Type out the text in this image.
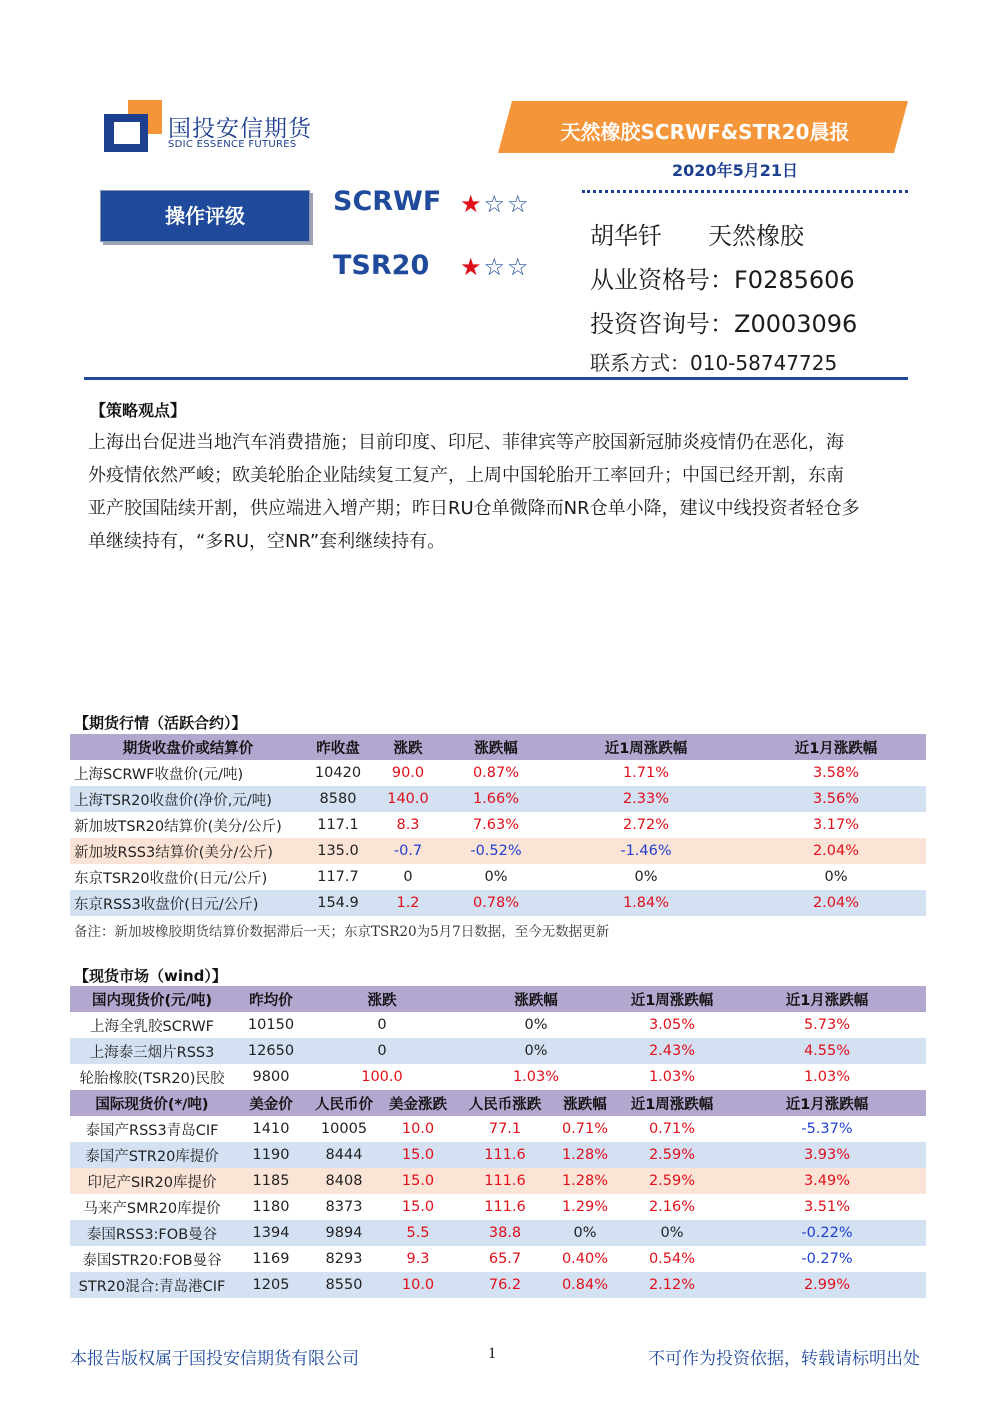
国投安信期货
SDIC ESSENCE FUTURES
天然橡胶SCRWF&STR20晨报
2020年5月21日
操作评级	SCRWF ★☆☆
TSR20 ★☆☆
胡华钎 天然橡胶
从业资格号：F0285606
投资咨询号：Z0003096
联系方式：010-58747725
【策略观点】

上海出台促进当地汽车消费措施；目前印度、印尼、菲律宾等产胶国新冠肺炎疫情仍在恶化，海

外疫情依然严峻；欧美轮胎企业陆续复工复产，上周中国轮胎开工率回升；中国已经开割，东南

亚产胶国陆续开割，供应端进入增产期；昨日RU仓单微降而NR仓单小降，建议中线投资者轻仓多

单继续持有，“多RU，空NR”套利继续持有。

【期货行情（活跃合约）】
期货收盘价或结算价	昨收盘	涨跌	涨跌幅	近1周涨跌幅	近1月涨跌幅
上海SCRWF收盘价(元/吨)	10420	90.0	0.87%	1.71%	3.58%
上海TSR20收盘价(净价,元/吨)	8580	140.0	1.66%	2.33%	3.56%
新加坡TSR20结算价(美分/公斤)	117.1	8.3	7.63%	2.72%	3.17%
新加坡RSS3结算价(美分/公斤)	135.0	-0.7	-0.52%	-1.46%	2.04%
东京TSR20收盘价(日元/公斤)	117.7	0	0%	0%	0%
东京RSS3收盘价(日元/公斤)	154.9	1.2	0.78%	1.84%	2.04%
备注：新加坡橡胶期货结算价数据滞后一天；东京TSR20为5月7日数据，至今无数据更新
【现货市场（wind）】
国内现货价(元/吨)	昨均价	涨跌		涨跌幅		近1周涨跌幅	近1月涨跌幅
上海全乳胶SCRWF	10150	0		0%		3.05%	5.73%
上海泰三烟片RSS3	12650	0		0%		2.43%	4.55%
轮胎橡胶(TSR20)民胶	9800	100.0		1.03%		1.03%	1.03%
国际现货价(*/吨)	美金价	人民币价	美金涨跌	人民币涨跌	涨跌幅	近1周涨跌幅	近1月涨跌幅
泰国产RSS3青岛CIF	1410	10005	10.0	77.1	0.71%	0.71%	-5.37%
泰国产STR20库提价	1190	8444	15.0	111.6	1.28%	2.59%	3.93%
印尼产SIR20库提价	1185	8408	15.0	111.6	1.28%	2.59%	3.49%
马来产SMR20库提价	1180	8373	15.0	111.6	1.29%	2.16%	3.51%
泰国RSS3:FOB曼谷	1394	9894	5.5	38.8	0%	0%	-0.22%
泰国STR20:FOB曼谷	1169	8293	9.3	65.7	0.40%	0.54%	-0.27%
STR20混合:青岛港CIF	1205	8550	10.0	76.2	0.84%	2.12%	2.99%
本报告版权属于国投安信期货有限公司	1	不可作为投资依据，转载请标明出处
